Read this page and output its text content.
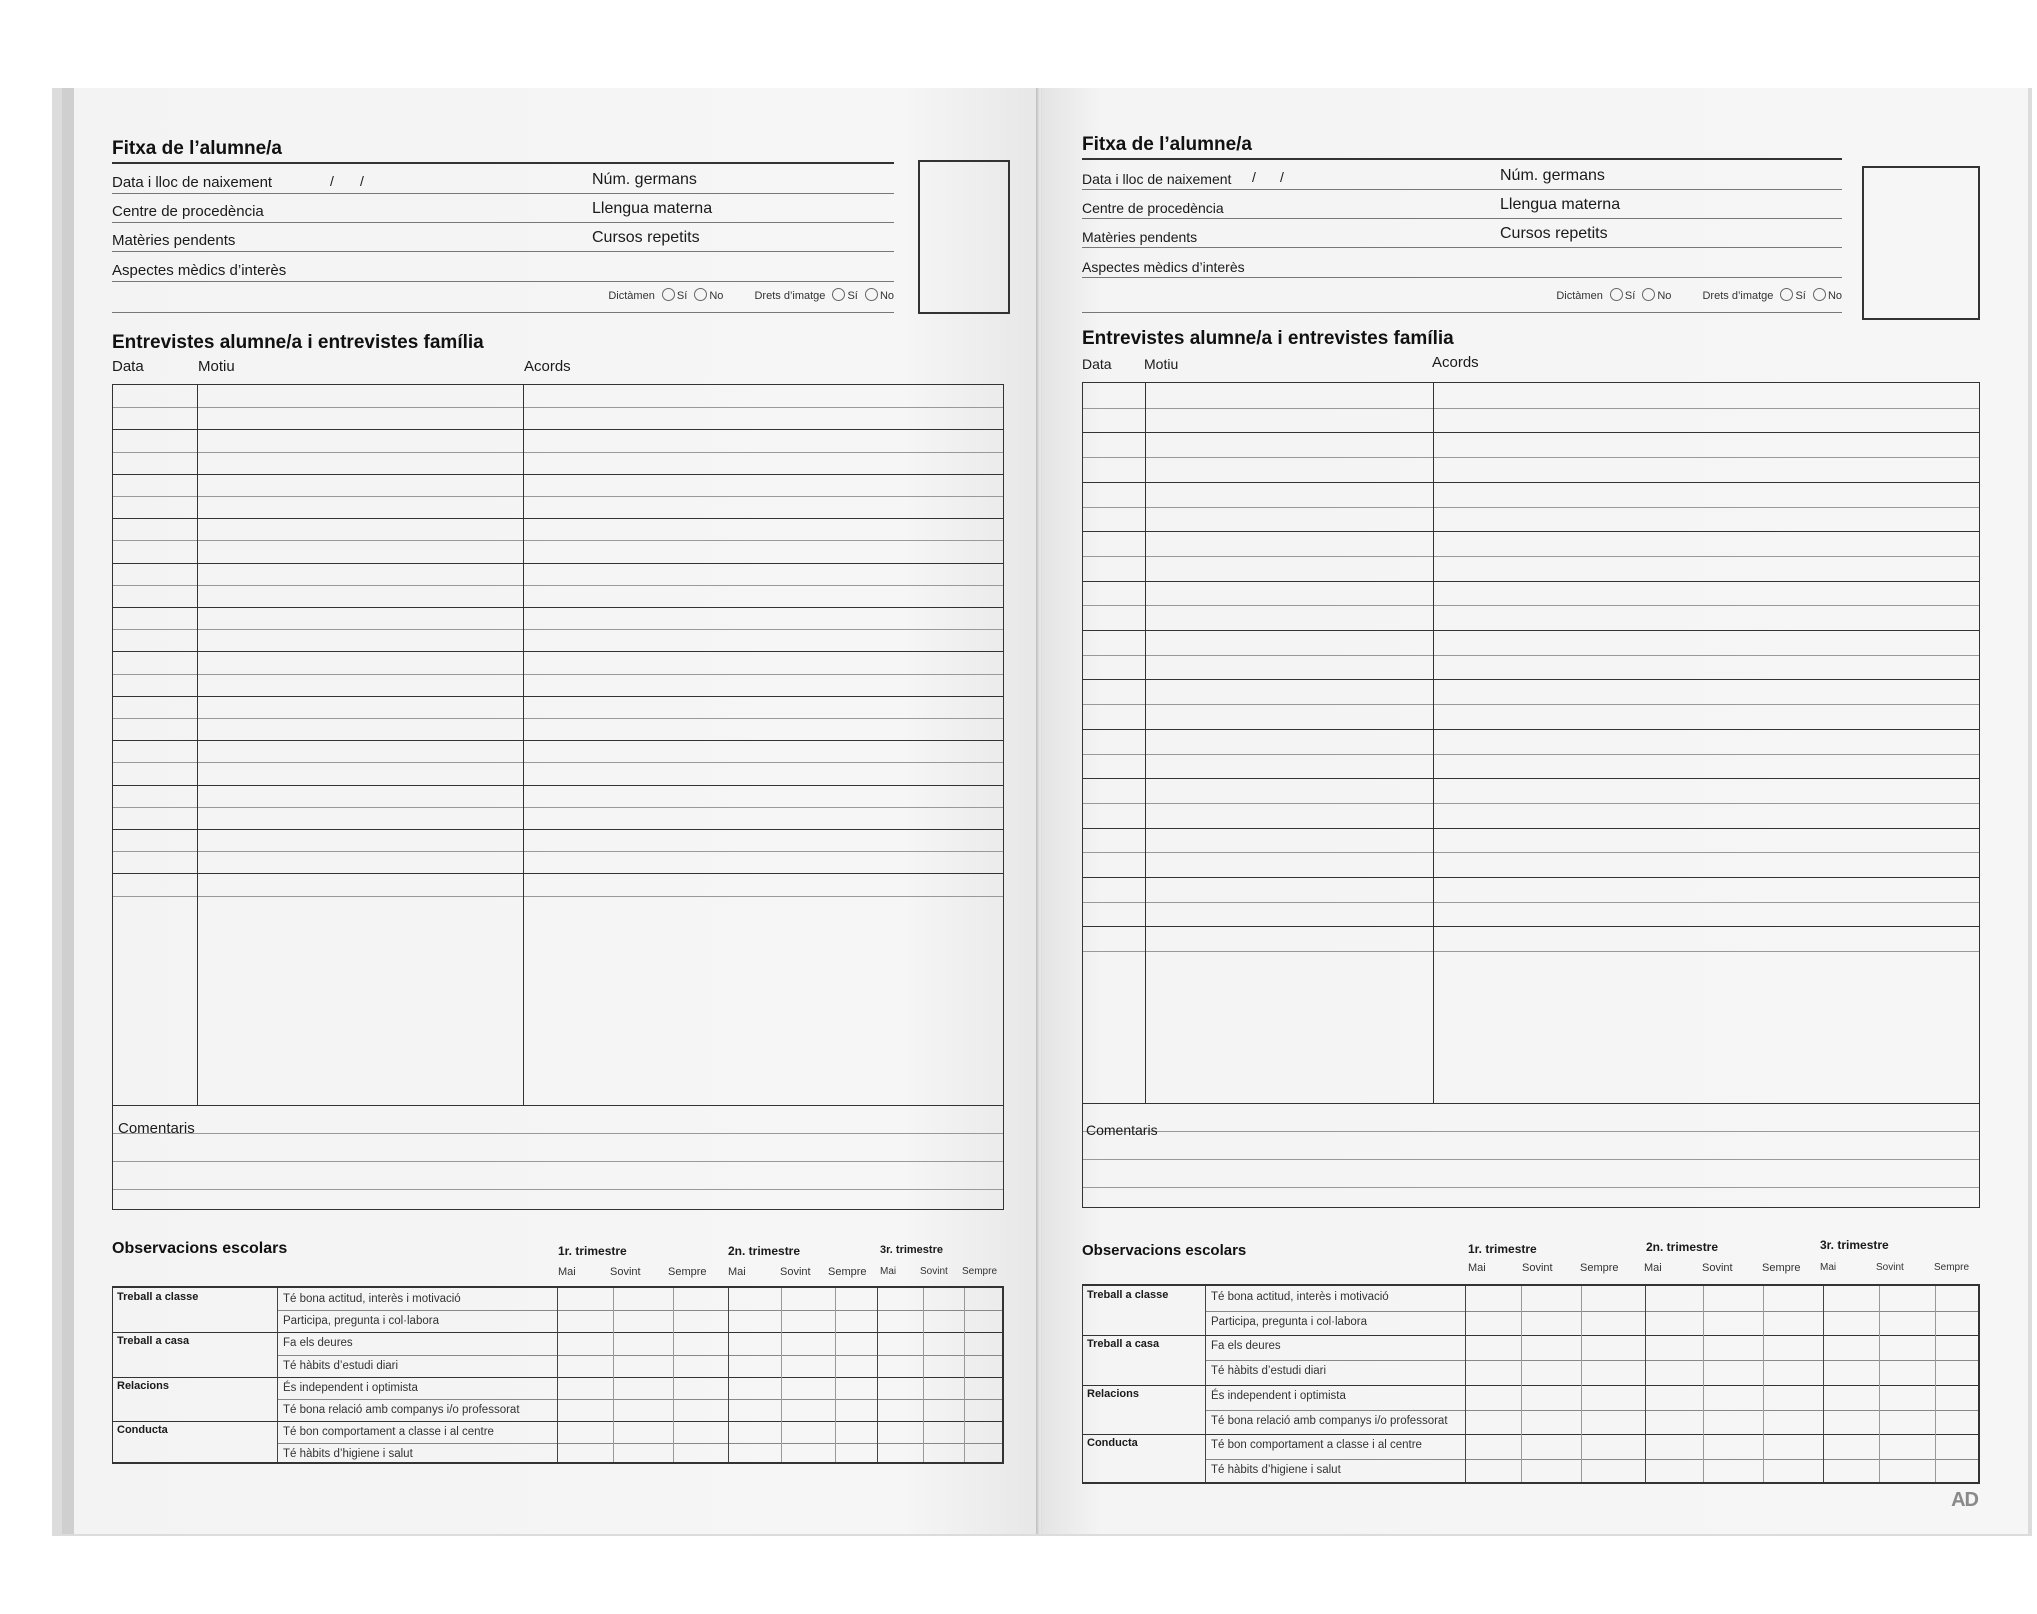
Fitxa de l’alumne/a
Data i lloc de naixement	/ /	Núm. germans
Centre de procedència	Llengua materna
Matèries pendents	Cursos repetits
Aspectes mèdics d’interès
Dictàmen Sí No	Drets d’imatge Sí No
Entrevistes alumne/a i entrevistes família
Data	Motiu	Acords
Comentaris
Observacions escolars	1r. trimestre	2n. trimestre	3r. trimestre
Mai	Sovint Sempre Mai	Sovint Sempre Mai Sovint Sempre
Treball a classe	Té bona actitud, interès i motivació
Participa, pregunta i col·labora
Treball a casa	Fa els deures
Té hàbits d’estudi diari
Relacions	És independent i optimista
Té bona relació amb companys i/o professorat
Conducta	Té bon comportament a classe i al centre
Té hàbits d’higiene i salut
Fitxa de l’alumne/a
Data i lloc de naixement / /	Núm. germans
Centre de procedència	Llengua materna
Matèries pendents	Cursos repetits
Aspectes mèdics d’interès
Dictàmen Sí No	Drets d’imatge Sí No
Entrevistes alumne/a i entrevistes família
Data Motiu	Acords
Comentaris
Observacions escolars	1r. trimestre	2n. trimestre	3r. trimestre
Mai	Sovint Sempre Mai	Sovint	Sempre Mai	Sovint	Sempre
Treball a classe	Té bona actitud, interès i motivació
Participa, pregunta i col·labora
Treball a casa	Fa els deures
Té hàbits d’estudi diari
Relacions	És independent i optimista
Té bona relació amb companys i/o professorat
Conducta	Té bon comportament a classe i al centre
Té hàbits d’higiene i salut
AD
